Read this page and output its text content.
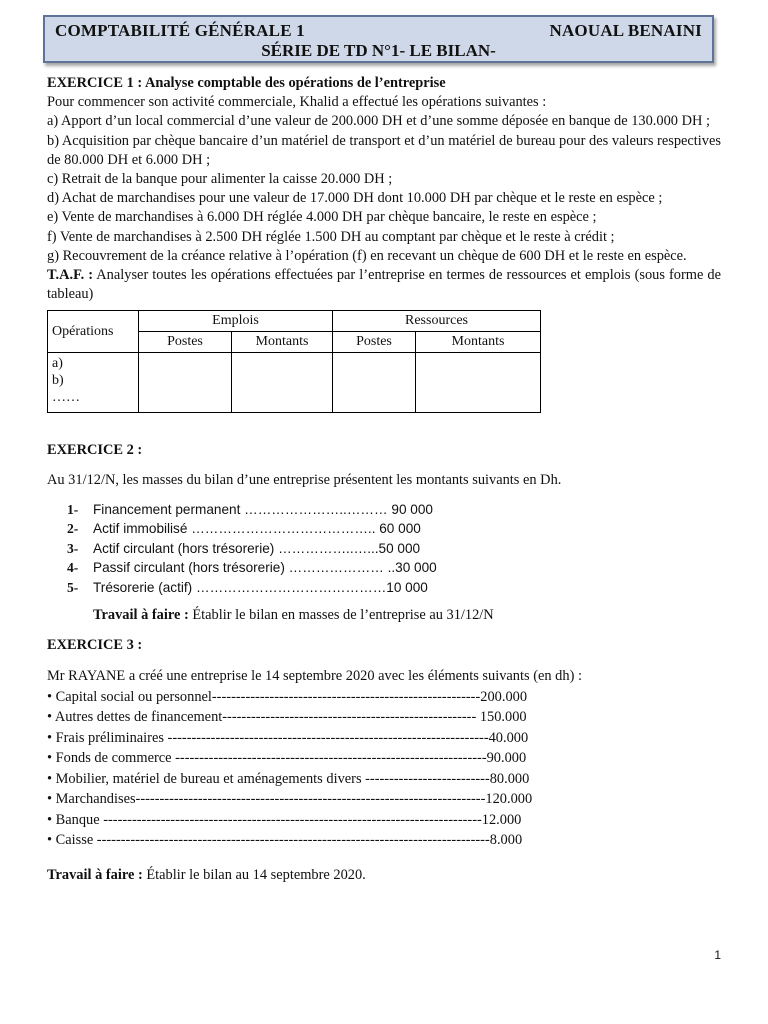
COMPTABILITÉ GÉNÉRALE 1	NAOUAL BENAINI
SÉRIE DE TD N°1- LE BILAN-

EXERCICE 1 : Analyse comptable des opérations de l’entreprise

Pour commencer son activité commerciale, Khalid a effectué les opérations suivantes :

a) Apport d’un local commercial d’une valeur de 200.000 DH et d’une somme déposée en banque de 130.000 DH ;

b) Acquisition par chèque bancaire d’un matériel de transport et d’un matériel de bureau pour des valeurs respectives de 80.000 DH et 6.000 DH ;

c) Retrait de la banque pour alimenter la caisse 20.000 DH ;

d) Achat de marchandises pour une valeur de 17.000 DH dont 10.000 DH par chèque et le reste en espèce ;

e) Vente de marchandises à 6.000 DH réglée 4.000 DH par chèque bancaire, le reste en espèce ;

f) Vente de marchandises à 2.500 DH réglée 1.500 DH au comptant par chèque et le reste à crédit ;

g) Recouvrement de la créance relative à l’opération (f) en recevant un chèque de 600 DH et le reste en espèce.

T.A.F. : Analyser toutes les opérations effectuées par l’entreprise en termes de ressources et emplois (sous forme de tableau)

Opérations	Emplois		Ressources	
	Postes	Montants	Postes	Montants

a)
b)
……				

EXERCICE 2 :

Au 31/12/N, les masses du bilan d’une entreprise présentent les montants suivants en Dh.

1-	Financement permanent …………………..……… 90 000
2-	Actif immobilisé ………………………………….. 60 000
3-	Actif circulant (hors trésorerie) ……………..…...50 000
4-	Passif circulant (hors trésorerie) ………………… ..30 000
5-	Trésorerie (actif) ……………………………………10 000

Travail à faire : Établir le bilan en masses de l’entreprise au 31/12/N

EXERCICE 3 :

Mr RAYANE a créé une entreprise le 14 septembre 2020 avec les éléments suivants (en dh) :

• Capital social ou personnel--------------------------------------------------------200.000
• Autres dettes de financement----------------------------------------------------- 150.000
• Frais préliminaires -------------------------------------------------------------------40.000
• Fonds de commerce -----------------------------------------------------------------90.000
• Mobilier, matériel de bureau et aménagements divers --------------------------80.000
• Marchandises-------------------------------------------------------------------------120.000
• Banque -------------------------------------------------------------------------------12.000
• Caisse ----------------------------------------------------------------------------------8.000

Travail à faire : Établir le bilan au 14 septembre 2020.

1
